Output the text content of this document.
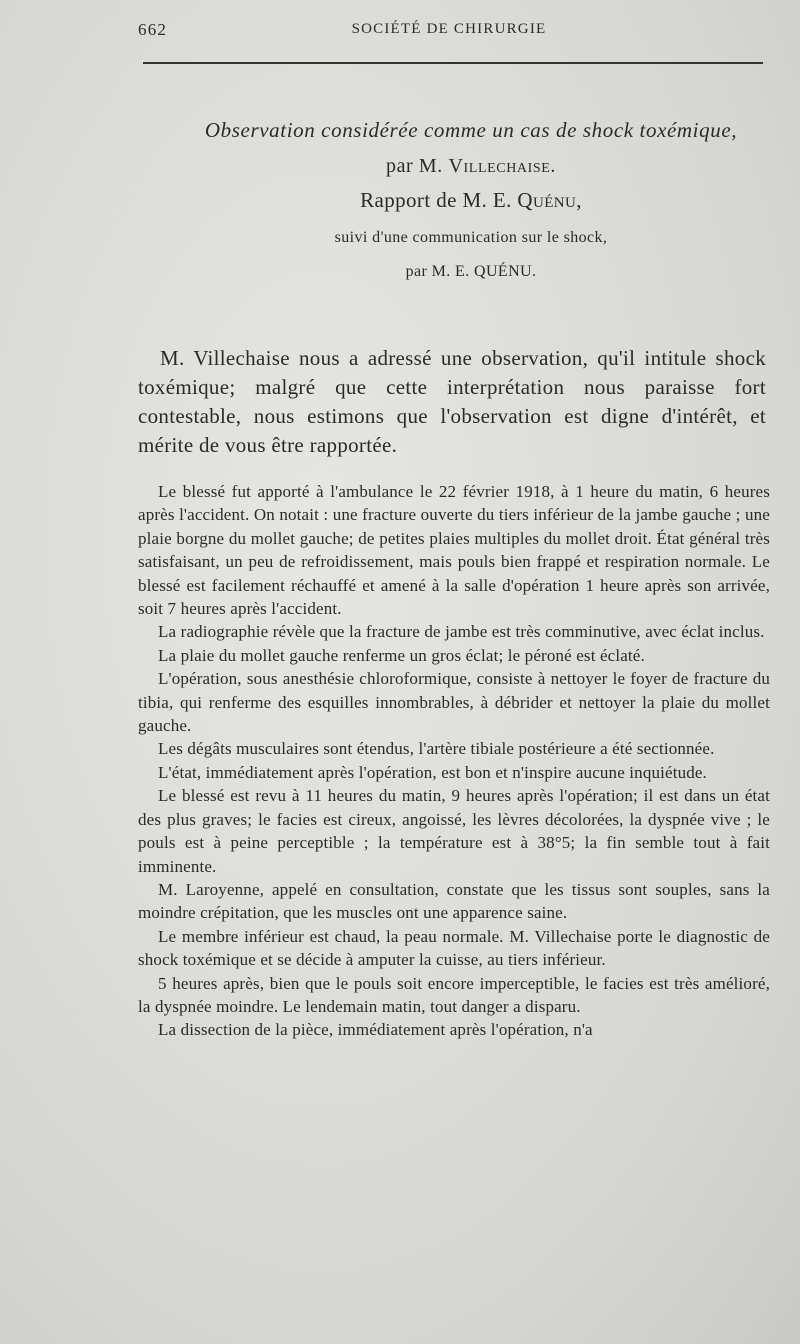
662	SOCIÉTÉ DE CHIRURGIE

Observation considérée comme un cas de shock toxémique,

par M. Villechaise.

Rapport de M. E. Quénu,

suivi d'une communication sur le shock,

par M. E. QUÉNU.

M. Villechaise nous a adressé une observation, qu'il intitule shock toxémique; malgré que cette interprétation nous paraisse fort contestable, nous estimons que l'observation est digne d'intérêt, et mérite de vous être rapportée.

Le blessé fut apporté à l'ambulance le 22 février 1918, à 1 heure du matin, 6 heures après l'accident. On notait : une fracture ouverte du tiers inférieur de la jambe gauche ; une plaie borgne du mollet gauche; de petites plaies multiples du mollet droit. État général très satisfaisant, un peu de refroidissement, mais pouls bien frappé et respiration normale. Le blessé est facilement réchauffé et amené à la salle d'opération 1 heure après son arrivée, soit 7 heures après l'accident.

La radiographie révèle que la fracture de jambe est très comminutive, avec éclat inclus.

La plaie du mollet gauche renferme un gros éclat; le péroné est éclaté.

L'opération, sous anesthésie chloroformique, consiste à nettoyer le foyer de fracture du tibia, qui renferme des esquilles innombrables, à débrider et nettoyer la plaie du mollet gauche.

Les dégâts musculaires sont étendus, l'artère tibiale postérieure a été sectionnée.

L'état, immédiatement après l'opération, est bon et n'inspire aucune inquiétude.

Le blessé est revu à 11 heures du matin, 9 heures après l'opération; il est dans un état des plus graves; le facies est cireux, angoissé, les lèvres décolorées, la dyspnée vive ; le pouls est à peine perceptible ; la température est à 38°5; la fin semble tout à fait imminente.

M. Laroyenne, appelé en consultation, constate que les tissus sont souples, sans la moindre crépitation, que les muscles ont une apparence saine.

Le membre inférieur est chaud, la peau normale. M. Villechaise porte le diagnostic de shock toxémique et se décide à amputer la cuisse, au tiers inférieur.

5 heures après, bien que le pouls soit encore imperceptible, le facies est très amélioré, la dyspnée moindre. Le lendemain matin, tout danger a disparu.

La dissection de la pièce, immédiatement après l'opération, n'a
